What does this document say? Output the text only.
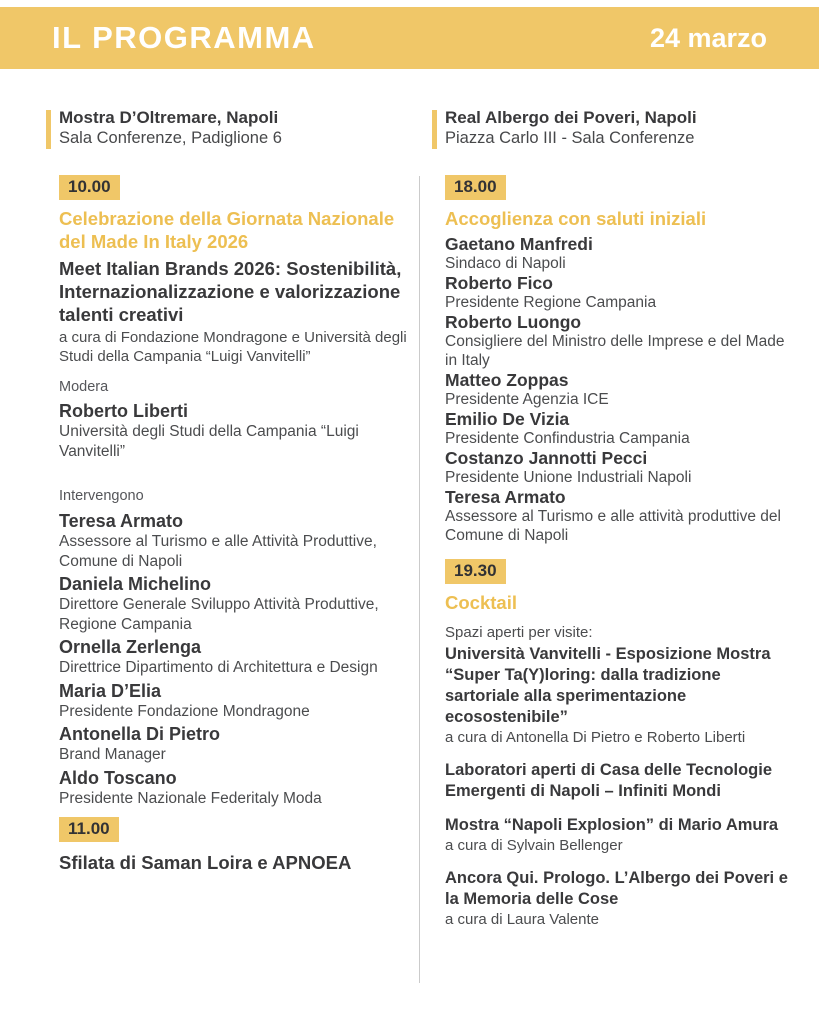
IL PROGRAMMA	24 marzo
Mostra D’Oltremare, Napoli
Sala Conferenze, Padiglione 6
10.00
Celebrazione della Giornata Nazionale del Made In Italy 2026
Meet Italian Brands 2026: Sostenibilità, Internazionalizzazione e valorizzazione talenti creativi
a cura di Fondazione Mondragone e Università degli Studi della Campania “Luigi Vanvitelli”
Modera
Roberto Liberti
Università degli Studi della Campania “Luigi Vanvitelli”
Intervengono
Teresa Armato
Assessore al Turismo e alle Attività Produttive, Comune di Napoli
Daniela Michelino
Direttore Generale Sviluppo Attività Produttive, Regione Campania
Ornella Zerlenga
Direttrice Dipartimento di Architettura e Design
Maria D’Elia
Presidente Fondazione Mondragone
Antonella Di Pietro
Brand Manager
Aldo Toscano
Presidente Nazionale Federitaly Moda
11.00
Sfilata di Saman Loira e APNOEA
Real Albergo dei Poveri, Napoli
Piazza Carlo III - Sala Conferenze
18.00
Accoglienza con saluti iniziali
Gaetano Manfredi
Sindaco di Napoli
Roberto Fico
Presidente Regione Campania
Roberto Luongo
Consigliere del Ministro delle Imprese e del Made in Italy
Matteo Zoppas
Presidente Agenzia ICE
Emilio De Vizia
Presidente Confindustria Campania
Costanzo Jannotti Pecci
Presidente Unione Industriali Napoli
Teresa Armato
Assessore al Turismo e alle attività produttive del Comune di Napoli
19.30
Cocktail
Spazi aperti per visite:
Università Vanvitelli - Esposizione Mostra “Super Ta(Y)loring: dalla tradizione sartoriale alla sperimentazione ecosostenibile”
a cura di Antonella Di Pietro e Roberto Liberti
Laboratori aperti di Casa delle Tecnologie Emergenti di Napoli – Infiniti Mondi
Mostra “Napoli Explosion” di Mario Amura
a cura di Sylvain Bellenger
Ancora Qui. Prologo. L’Albergo dei Poveri e la Memoria delle Cose
a cura di Laura Valente
